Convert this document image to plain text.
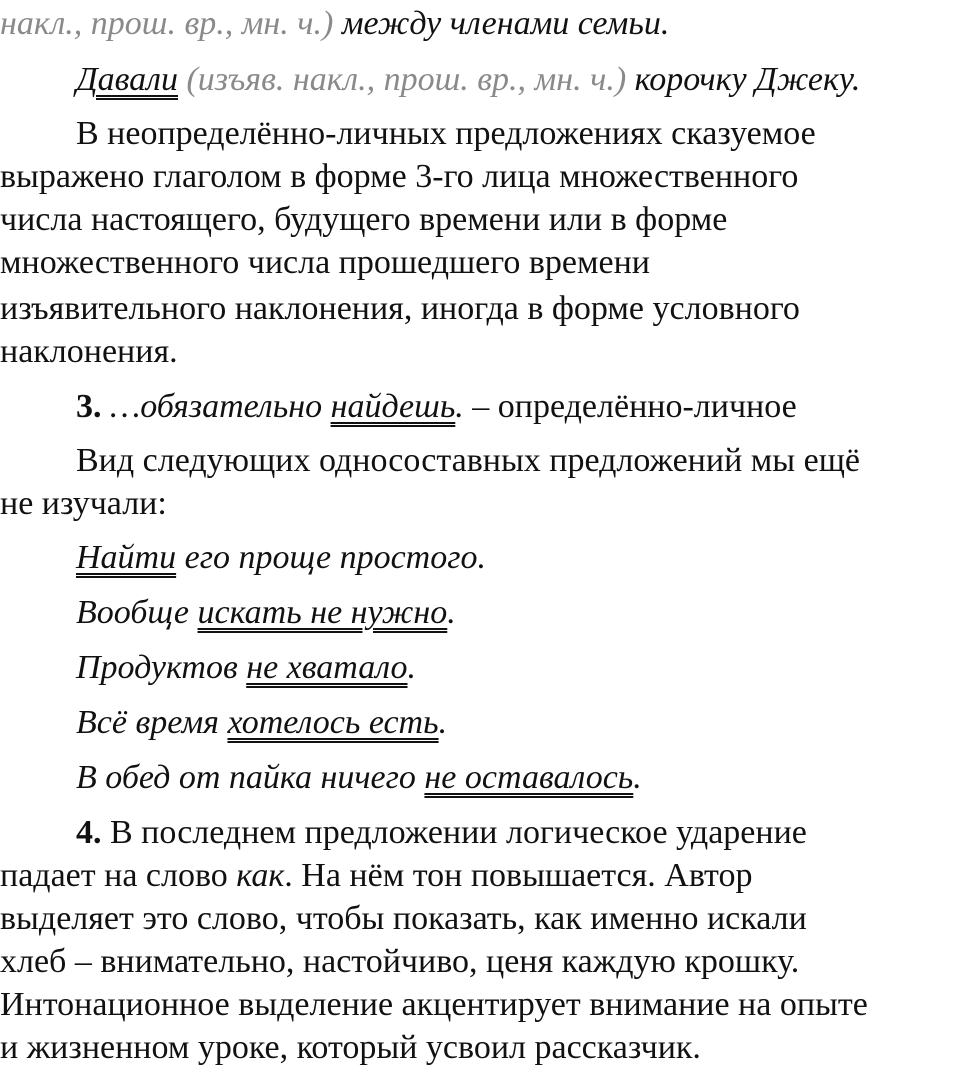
накл., прош. вр., мн. ч.) между членами семьи.
Давали (изъяв. накл., прош. вр., мн. ч.) корочку Джеку.
В неопределённо-личных предложениях сказуемое
выражено глаголом в форме 3-го лица множественного
числа настоящего, будущего времени или в форме
множественного числа прошедшего времени
изъявительного наклонения, иногда в форме условного
наклонения.
3. …обязательно найдешь. – определённо-личное
Вид следующих односоставных предложений мы ещё
не изучали:
Найти его проще простого.
Вообще искать не нужно.
Продуктов не хватало.
Всё время хотелось есть.
В обед от пайка ничего не оставалось.
4. В последнем предложении логическое ударение
падает на слово как. На нём тон повышается. Автор
выделяет это слово, чтобы показать, как именно искали
хлеб – внимательно, настойчиво, ценя каждую крошку.
Интонационное выделение акцентирует внимание на опыте
и жизненном уроке, который усвоил рассказчик.
